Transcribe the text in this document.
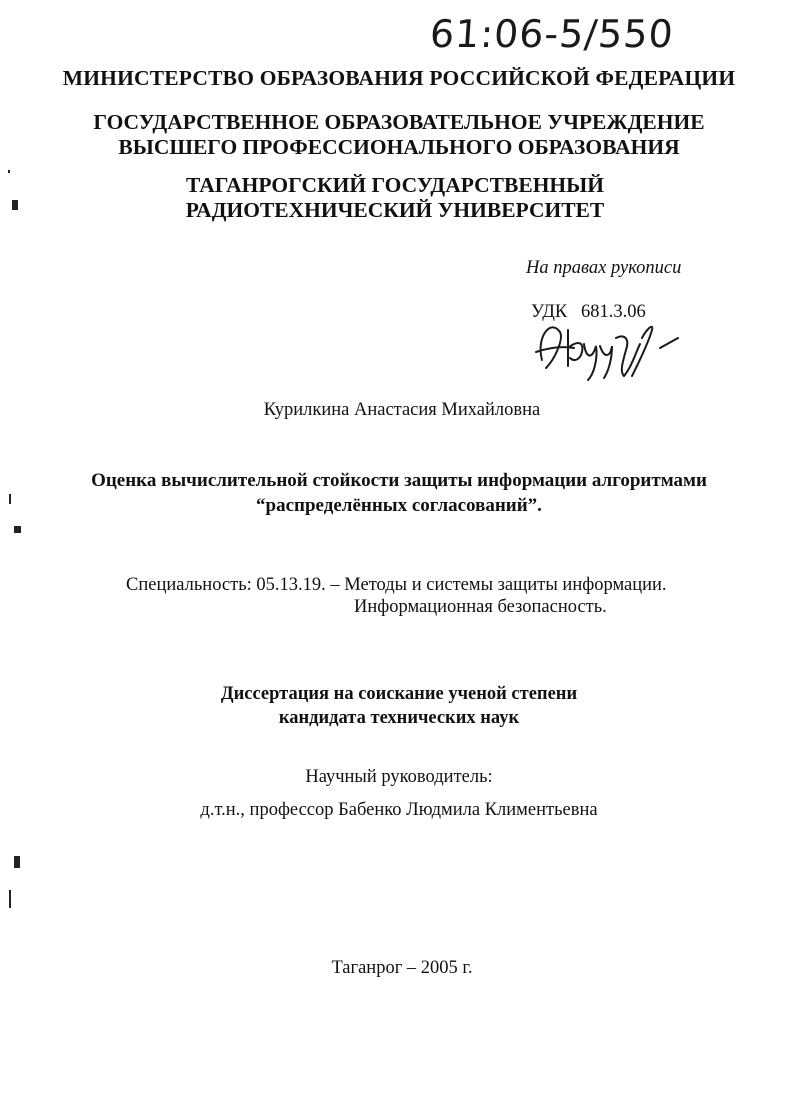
61:06-5/550
МИНИСТЕРСТВО ОБРАЗОВАНИЯ РОССИЙСКОЙ ФЕДЕРАЦИИ
ГОСУДАРСТВЕННОЕ ОБРАЗОВАТЕЛЬНОЕ УЧРЕЖДЕНИЕ
ВЫСШЕГО ПРОФЕССИОНАЛЬНОГО ОБРАЗОВАНИЯ
ТАГАНРОГСКИЙ ГОСУДАРСТВЕННЫЙ
РАДИОТЕХНИЧЕСКИЙ УНИВЕРСИТЕТ
На правах рукописи
УДК   681.3.06
Курилкина Анастасия Михайловна
Оценка вычислительной стойкости защиты информации алгоритмами
“распределённых согласований”.
Специальность: 05.13.19. – Методы и системы защиты информации.
Информационная безопасность.
Диссертация на соискание ученой степени
кандидата технических наук
Научный руководитель:
д.т.н., профессор Бабенко Людмила Климентьевна
Таганрог – 2005 г.
